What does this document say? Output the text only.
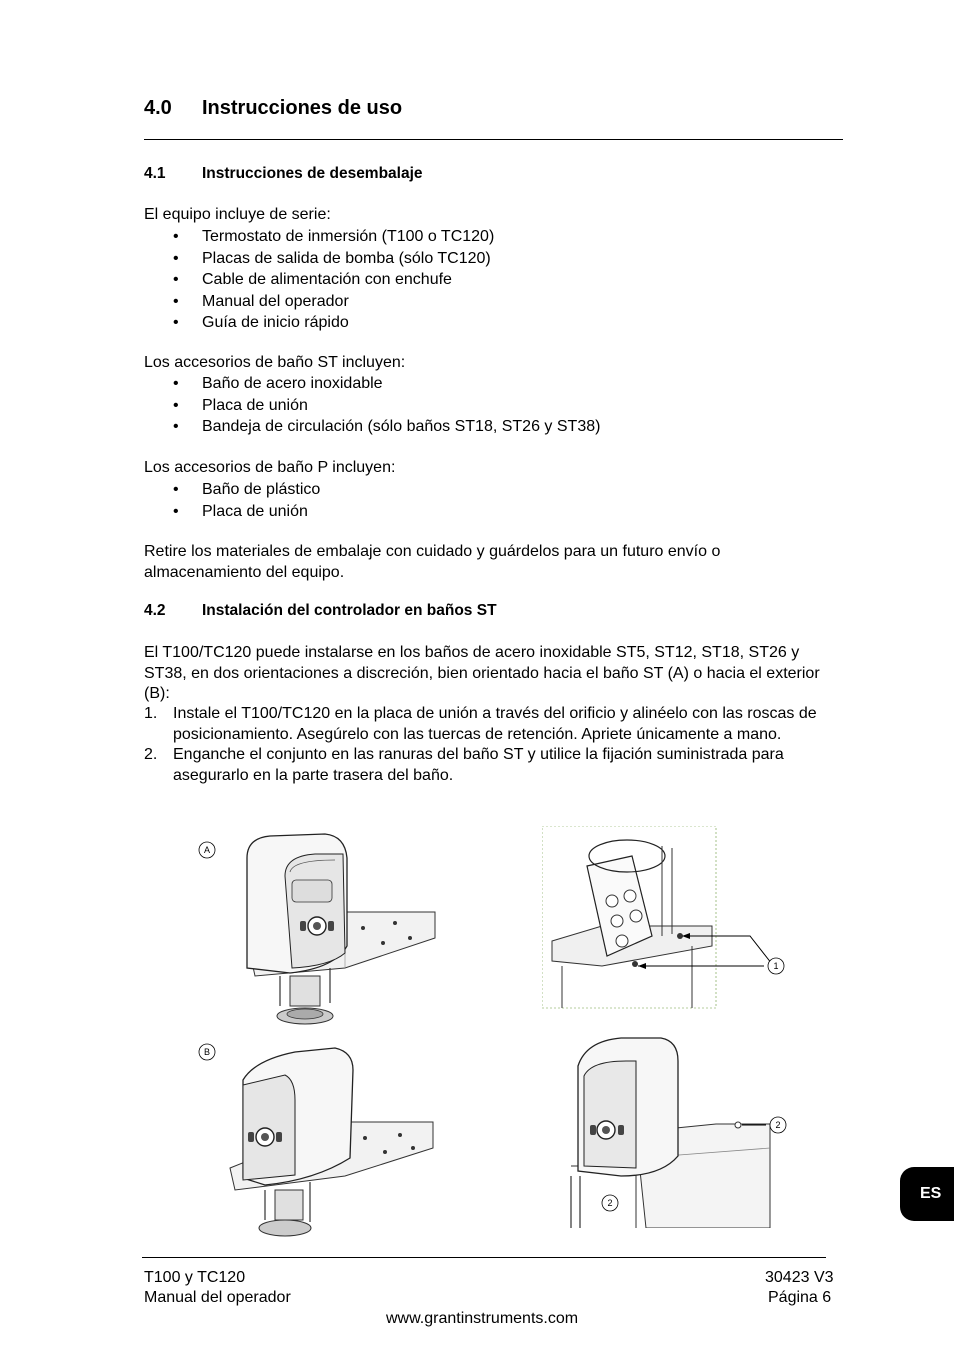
4.0 Instrucciones de uso
4.1 Instrucciones de desembalaje

El equipo incluye de serie:

• Termostato de inmersión (T100 o TC120)
• Placas de salida de bomba (sólo TC120)
• Cable de alimentación con enchufe
• Manual del operador
• Guía de inicio rápido

Los accesorios de baño ST incluyen:

• Baño de acero inoxidable
• Placa de unión
• Bandeja de circulación (sólo baños ST18, ST26 y ST38)

Los accesorios de baño P incluyen:

• Baño de plástico
• Placa de unión

Retire los materiales de embalaje con cuidado y guárdelos para un futuro envío o almacenamiento del equipo.

4.2 Instalación del controlador en baños ST

El T100/TC120 puede instalarse en los baños de acero inoxidable ST5, ST12, ST18, ST26 y ST38, en dos orientaciones a discreción, bien orientado hacia el baño ST (A) o hacia el exterior (B):

1. Instale el T100/TC120 en la placa de unión a través del orificio y alinéelo con las roscas de posicionamiento. Asegúrelo con las tuercas de retención. Apriete únicamente a mano.
2. Enganche el conjunto en las ranuras del baño ST y utilice la fijación suministrada para asegurarlo en la parte trasera del baño.
A
1
B
2
2
ES
T100 y TC120
Manual del operador
30423 V3
Página 6
www.grantinstruments.com
